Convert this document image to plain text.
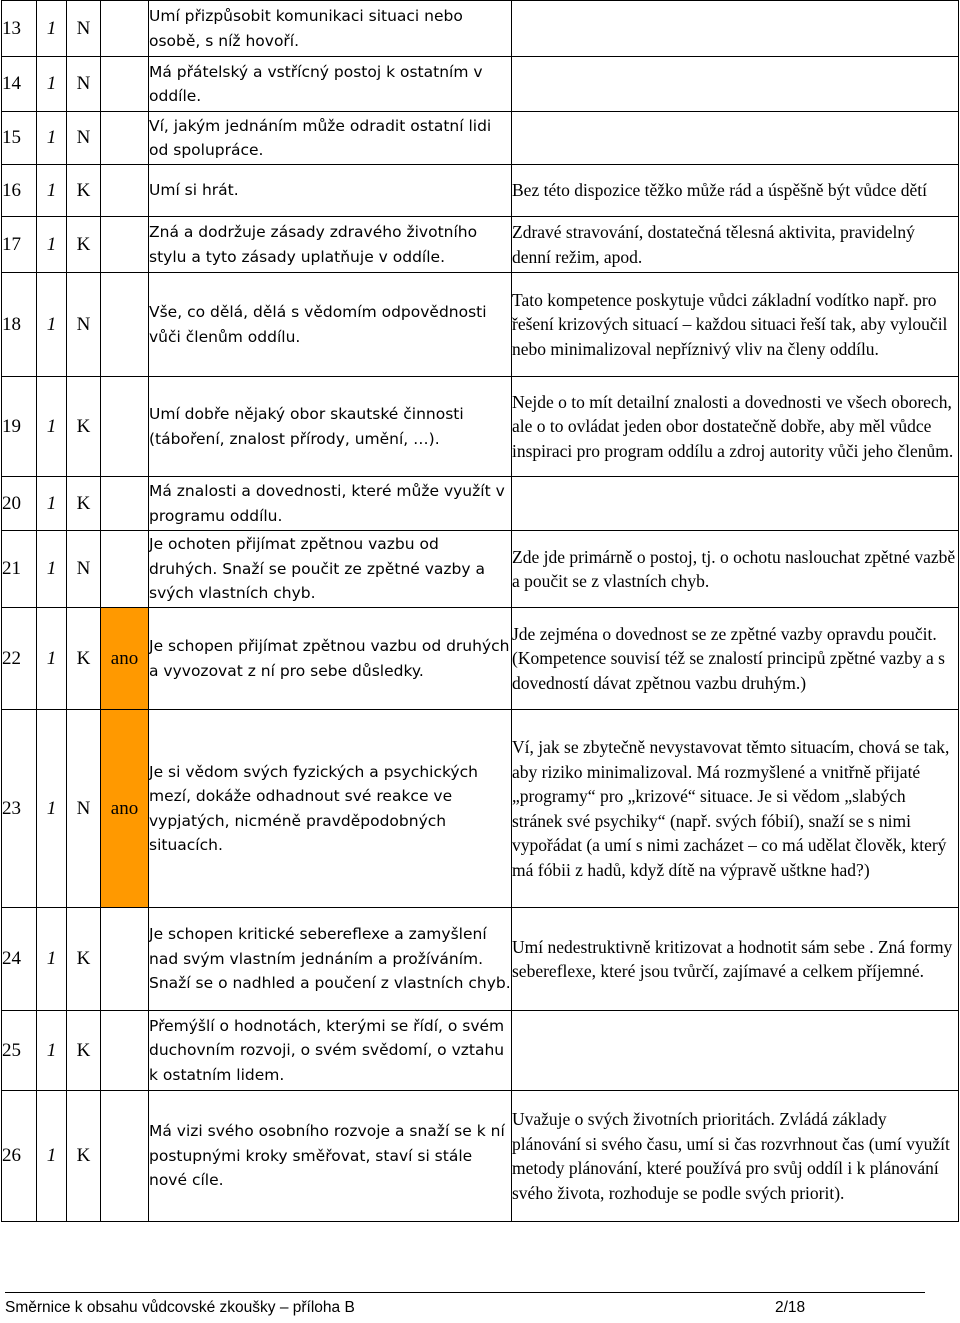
13	1	N		Umí přizpůsobit komunikaci situaci nebo osobě, s níž hovoří.	
14	1	N		Má přátelský a vstřícný postoj k ostatním v oddíle.	
15	1	N		Ví, jakým jednáním může odradit ostatní lidi od spolupráce.	
16	1	K		Umí si hrát.	Bez této dispozice těžko může rád a úspěšně být vůdce dětí
17	1	K		Zná a dodržuje zásady zdravého životního stylu a tyto zásady uplatňuje v oddíle.	Zdravé stravování, dostatečná tělesná aktivita, pravidelný denní režim, apod.
18	1	N		Vše, co dělá, dělá s vědomím odpovědnosti vůči členům oddílu.	Tato kompetence poskytuje vůdci základní vodítko např. pro řešení krizových situací – každou situaci řeší tak, aby vyloučil nebo minimalizoval nepříznivý vliv na členy oddílu.
19	1	K		Umí dobře nějaký obor skautské činnosti (táboření, znalost přírody, umění, …).	Nejde o to mít detailní znalosti a dovednosti ve všech oborech, ale o to ovládat jeden obor dostatečně dobře, aby měl vůdce inspiraci pro program oddílu a zdroj autority vůči jeho členům.
20	1	K		Má znalosti a dovednosti, které může využít v programu oddílu.	
21	1	N		Je ochoten přijímat zpětnou vazbu od druhých. Snaží se poučit ze zpětné vazby a svých vlastních chyb.	Zde jde primárně o postoj, tj. o ochotu naslouchat zpětné vazbě a poučit se z vlastních chyb.
22	1	K	ano	Je schopen přijímat zpětnou vazbu od druhých a vyvozovat z ní pro sebe důsledky.	Jde zejména o dovednost se ze zpětné vazby opravdu poučit. (Kompetence souvisí též se znalostí principů zpětné vazby a s dovedností dávat zpětnou vazbu druhým.)
23	1	N	ano	Je si vědom svých fyzických a psychických mezí, dokáže odhadnout své reakce ve vypjatých, nicméně pravděpodobných situacích.	Ví, jak se zbytečně nevystavovat těmto situacím, chová se tak, aby riziko minimalizoval. Má rozmyšlené a vnitřně přijaté „programy“ pro „krizové“ situace. Je si vědom „slabých stránek své psychiky“ (např. svých fóbií), snaží se s nimi vypořádat (a umí s nimi zacházet – co má udělat člověk, který má fóbii z hadů, když dítě na výpravě uštkne had?)
24	1	K		Je schopen kritické sebereflexe a zamyšlení nad svým vlastním jednáním a prožíváním. Snaží se o nadhled a poučení z vlastních chyb.	Umí nedestruktivně kritizovat a hodnotit sám sebe . Zná formy sebereflexe, které jsou tvůrčí, zajímavé a celkem příjemné.
25	1	K		Přemýšlí o hodnotách, kterými se řídí, o svém duchovním rozvoji, o svém svědomí, o vztahu k ostatním lidem.	
26	1	K		Má vizi svého osobního rozvoje a snaží se k ní postupnými kroky směřovat, staví si stále nové cíle.	Uvažuje o svých životních prioritách. Zvládá základy plánování si svého času, umí si čas rozvrhnout čas (umí využít metody plánování, které používá pro svůj oddíl i k plánování svého života, rozhoduje se podle svých priorit).
Směrnice k obsahu vůdcovské zkoušky – příloha B	2/18
